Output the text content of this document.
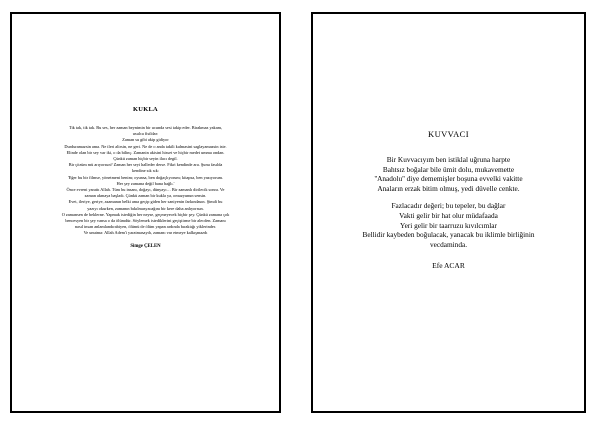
KUKLA
Tik tak, tik tak. Bu ses, her zaman beynimin bir ucunda sesi takip eder. Birakmaz yakam,
usulca fisildar:
Zaman su gibi akip gidiyor
Durduramazsin ama. Ne ileri alirsin, ne geri. Ne de o anda takili kalmasini saglayamazsin iste.
Elinde olan bir sey var iki, o da bilinç. Zamanin akisini hisset ve hiçbir medet umma ondan.
Çünkü zaman hiçbir seyin ilacı degil.
Bir çözüm mü arıyorsun? Zaman her seyi halleder derse. Fikri kendinde ara. Şunu fasılda
kendine sık sık:
'Eğer bu bir filmse, yönetmeni benim; oyunsa, ben doğaçlıyorum; kitapsa, ben yazıyorum.
Her şey zamana değil bana bağlı.'
Önce evreni yarattı Allah. Tüm bu insanı, doğayı, dünyayı… Bir zamanlı dirilecik sonra. Ve
zaman akmaya başladı. Çünkü zaman bir kukla ya, omuzyunun sensin.
Evet, ileriye, geriye, azamanın belki ama geçip giden her saniyenin farkındasın. Şimdi bu
yazıyı okurken, zamanın bıkılmasyacağını bir kere daha anlıyorsun.
O zamansen de beklerne. Yapmak istediğin her neyse, geçmeyecek hiçbir şey. Çünkü zamana çok
bencesyen bir şey vansa o da ölümdür. Söylemek istediklerini geçiştirme bir alecden. Zamanı
nasıl insan anlamlandırabiyen, ölümü de ölüm yapan ardında bıraktığı yiklerinder.
Ve unutma: Allah Adem'i yaratmasaydı, zamanı var etmeye kalkışmazdı
Simge ÇELEN
KUVVACI
Bir Kuvvacıyım ben istiklal uğruna harpte
Bahtsız boğalar bile ümit dolu, mukavemette
''Anadolu'' diye dememişler boşuna evvelki vakitte
Anaların erzak bitim olmuş, yedi düvelle cenkte.
Fazlacadır değeri; bu tepeler, bu dağlar
Vakti gelir bir hat olur müdafaada
Yeri gelir bir taarruzu kıvılcımlar
Bellidir kaybeden boğulacak, yanacak bu iklimle birliğinin
vecdaminda.
Efe ACAR
